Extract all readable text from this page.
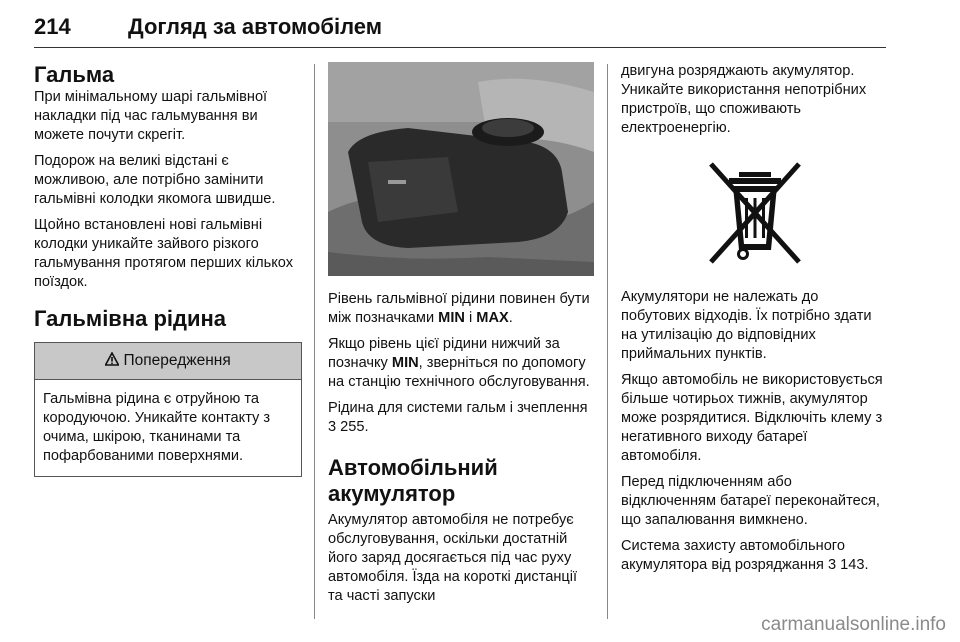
214	Догляд за автомобілем
Гальма

При мінімальному шарі гальмівної накладки під час гальмування ви можете почути скрегіт.

Подорож на великі відстані є можливою, але потрібно замінити гальмівні колодки якомога швидше.

Щойно встановлені нові гальмівні колодки уникайте зайвого різкого гальмування протягом перших кількох поїздок.

Гальмівна рідина
Попередження
Гальмівна рідина є отруйною та кородуючою. Уникайте контакту з очима, шкірою, тканинами та пофарбованими поверхнями.

Рівень гальмівної рідини повинен бути між позначками MIN і MAX.

Якщо рівень цієї рідини нижчий за позначку MIN, зверніться по допомогу на станцію технічного обслуговування.

Рідина для системи гальм і зчеплення 3 255.

Автомобільний
акумулятор

Акумулятор автомобіля не потребує обслуговування, оскільки достатній його заряд досягається під час руху автомобіля. Їзда на короткі дистанції та часті запуски

двигуна розряджають акумулятор. Уникайте використання непотрібних пристроїв, що споживають електроенергію.

Акумулятори не належать до побутових відходів. Їх потрібно здати на утилізацію до відповідних приймальних пунктів.

Якщо автомобіль не використовується більше чотирьох тижнів, акумулятор може розрядитися. Відключіть клему з негативного виходу батареї автомобіля.

Перед підключенням або відключенням батареї переконайтеся, що запалювання вимкнено.

Система захисту автомобільного акумулятора від розряджання 3 143.

carmanualsonline.info
